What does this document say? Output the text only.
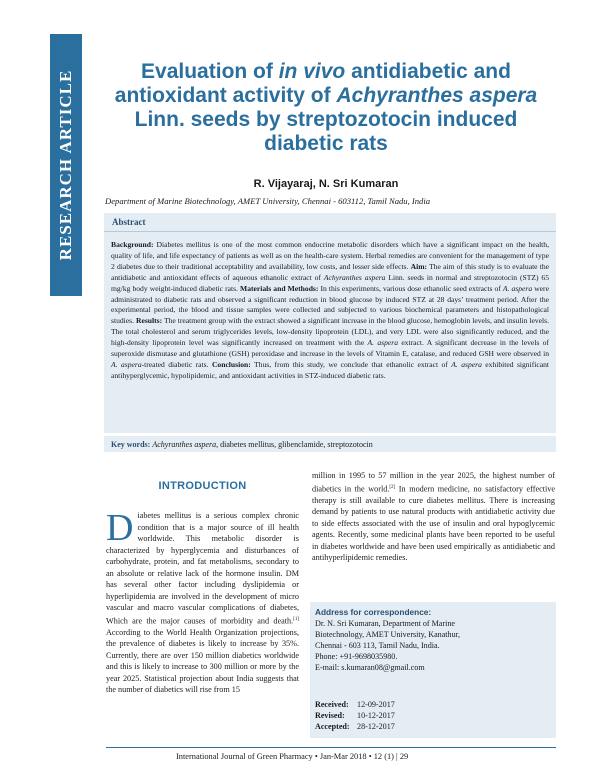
RESEARCH ARTICLE	Evaluation of in vivo antidiabetic and
antioxidant activity of Achyranthes aspera
Linn. seeds by streptozotocin induced
diabetic rats
R. Vijayaraj, N. Sri Kumaran
Department of Marine Biotechnology, AMET University, Chennai - 603112, Tamil Nadu, India
Abstract
Background: Diabetes mellitus is one of the most common endocrine metabolic disorders which have a significant impact on the health, quality of life, and life expectancy of patients as well as on the health-care system. Herbal remedies are convenient for the management of type 2 diabetes due to their traditional acceptability and availability, low costs, and lesser side effects. Aim: The aim of this study is to evaluate the antidiabetic and antioxidant effects of aqueous ethanolic extract of Achyranthes aspera Linn. seeds in normal and streptozotocin (STZ) 65 mg/kg body weight-induced diabetic rats. Materials and Methods: In this experiments, various dose ethanolic seed extracts of A. aspera were administrated to diabetic rats and observed a significant reduction in blood glucose by induced STZ at 28 days’ treatment period. After the experimental period, the blood and tissue samples were collected and subjected to various biochemical parameters and histopathological studies. Results: The treatment group with the extract showed a significant increase in the blood glucose, hemoglobin levels, and insulin levels. The total cholesterol and serum triglycerides levels, low-density lipoprotein (LDL), and very LDL were also significantly reduced, and the high-density lipoprotein level was significantly increased on treatment with the A. aspera extract. A significant decrease in the levels of superoxide dismutase and glutathione (GSH) peroxidase and increase in the levels of Vitamin E, catalase, and reduced GSH were observed in A. aspera-treated diabetic rats. Conclusion: Thus, from this study, we conclude that ethanolic extract of A. aspera exhibited significant antihyperglycemic, hypolipidemic, and antioxidant activities in STZ-induced diabetic rats.
Key words: Achyranthes aspera, diabetes mellitus, glibenclamide, streptozotocin
INTRODUCTION
Diabetes mellitus is a serious complex chronic condition that is a major source of ill health worldwide. This metabolic disorder is characterized by hyperglycemia and disturbances of carbohydrate, protein, and fat metabolisms, secondary to an absolute or relative lack of the hormone insulin. DM has several other factor including dyslipidemia or hyperlipidemia are involved in the development of micro vascular and macro vascular complications of diabetes, Which are the major causes of morbidity and death.[1] According to the World Health Organization projections, the prevalence of diabetes is likely to increase by 35%. Currently, there are over 150 million diabetics worldwide and this is likely to increase to 300 million or more by the year 2025. Statistical projection about India suggests that the number of diabetics will rise from 15
million in 1995 to 57 million in the year 2025, the highest number of diabetics in the world.[2] In modern medicine, no satisfactory effective therapy is still available to cure diabetes mellitus. There is increasing demand by patients to use natural products with antidiabetic activity due to side effects associated with the use of insulin and oral hypoglycemic agents. Recently, some medicinal plants have been reported to be useful in diabetes worldwide and have been used empirically as antidiabetic and antihyperlipidemic remedies.
Address for correspondence:
Dr. N. Sri Kumaran, Department of Marine
Biotechnology, AMET University, Kanathur,
Chennai - 603 113, Tamil Nadu, India.
Phone: +91-9698035980.
E-mail: s.kumaran08@gmail.com
Received: 12-09-2017
Revised: 10-12-2017
Accepted: 28-12-2017
International Journal of Green Pharmacy • Jan-Mar 2018 • 12 (1) | 29
